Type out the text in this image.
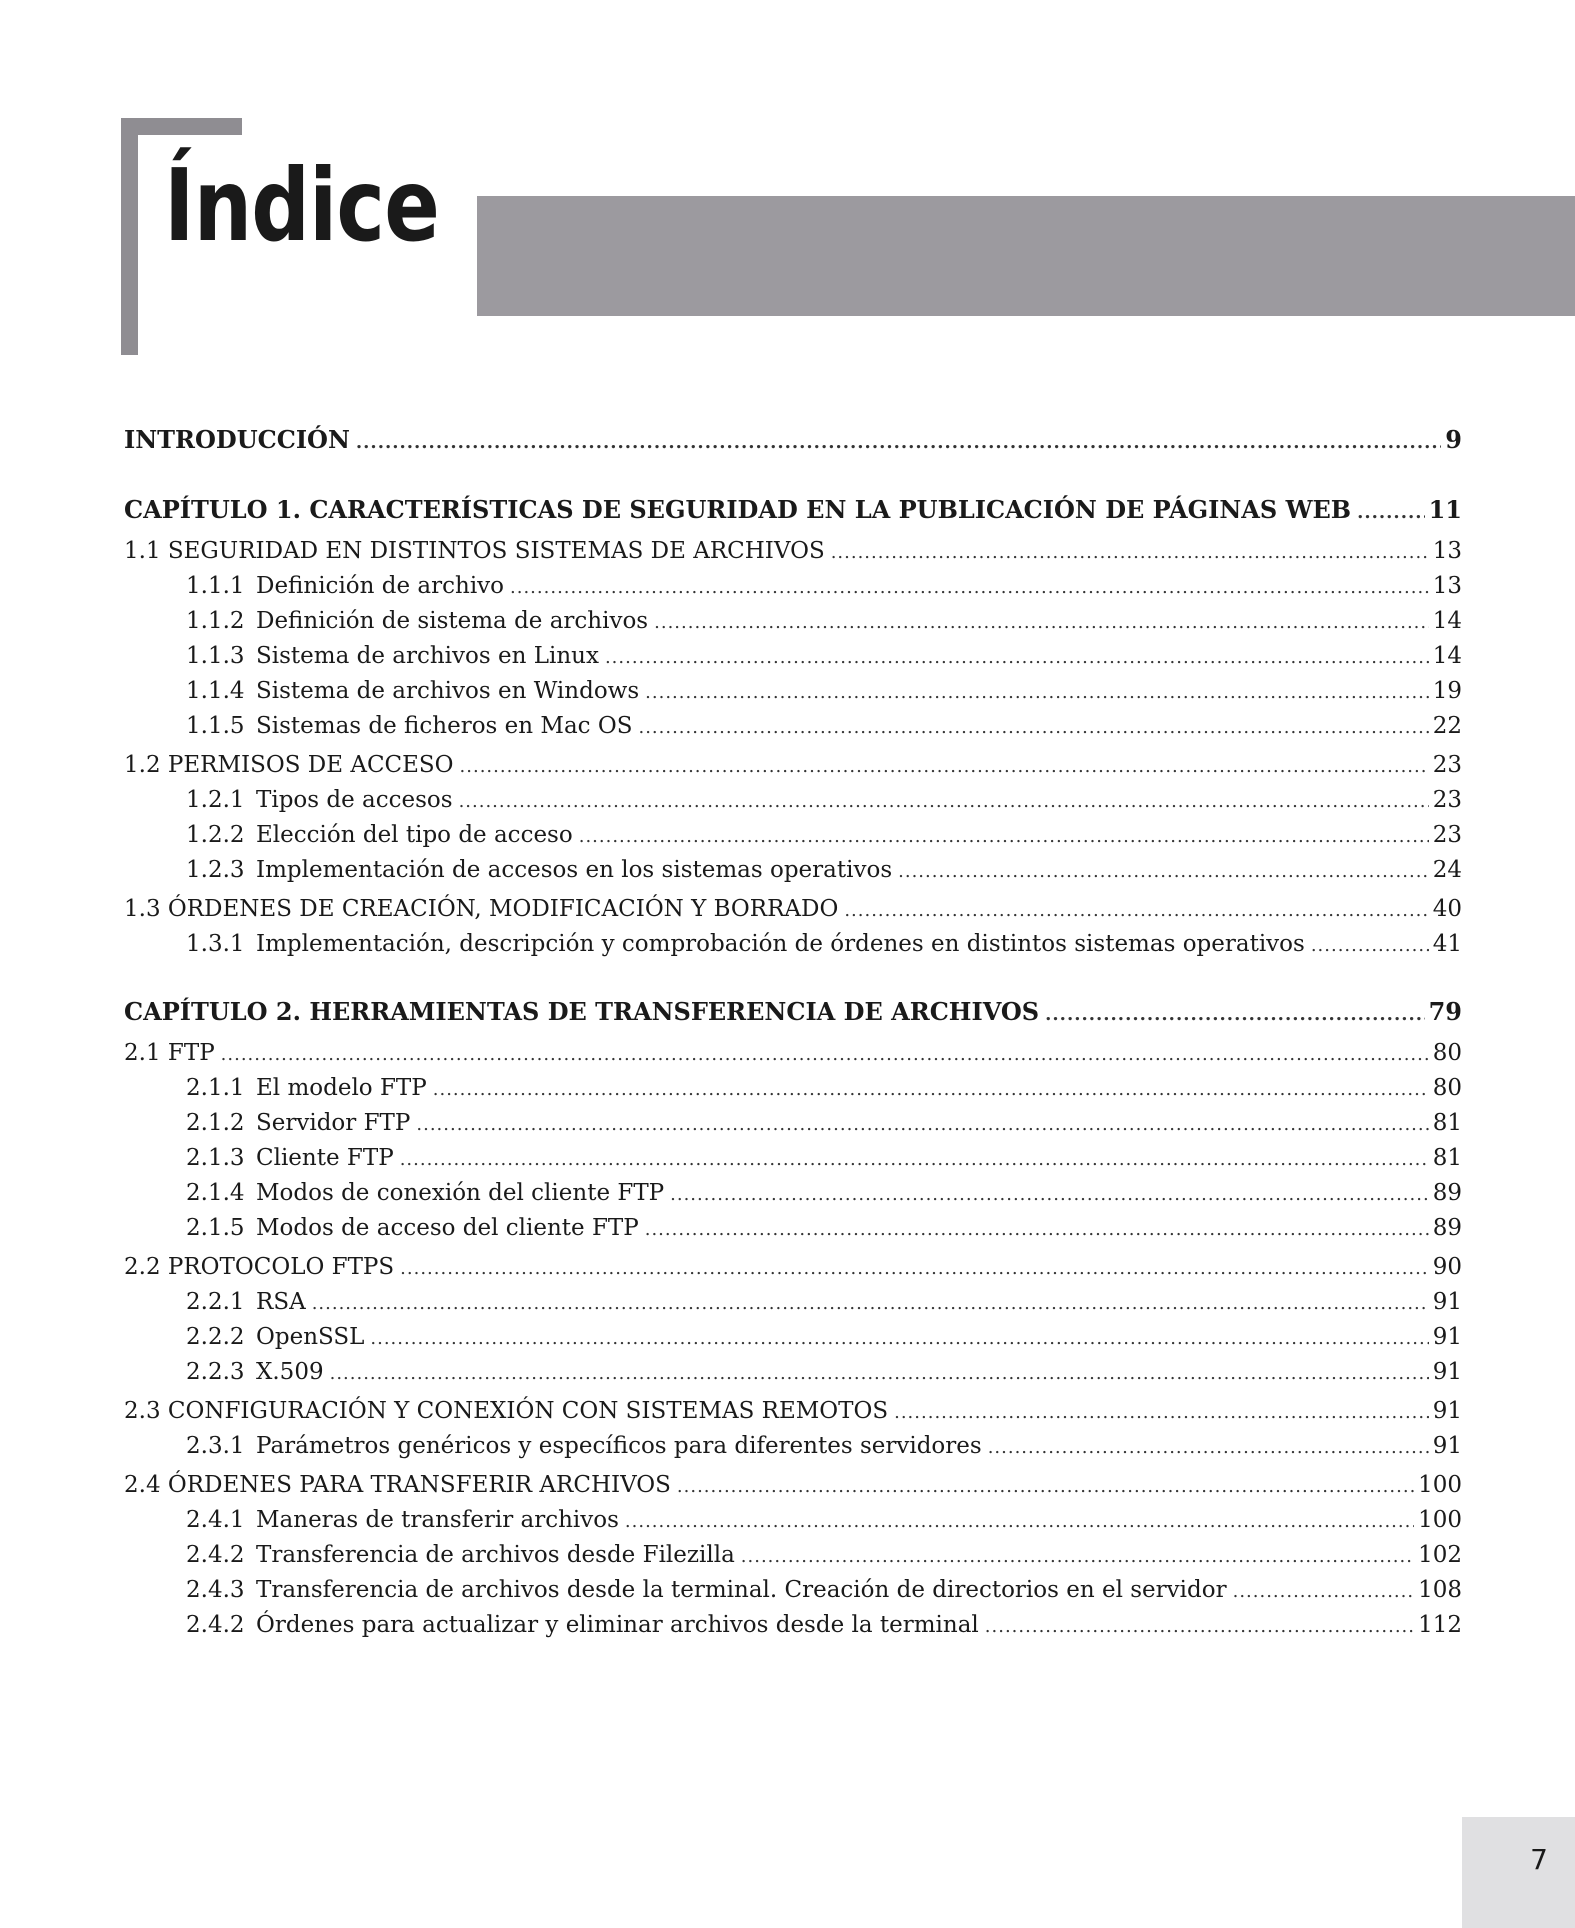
Índice
INTRODUCCIÓN .....	9
CAPÍTULO 1. CARACTERÍSTICAS DE SEGURIDAD EN LA PUBLICACIÓN DE PÁGINAS WEB .....	11
1.1 SEGURIDAD EN DISTINTOS SISTEMAS DE ARCHIVOS .....	13
1.1.1 Definición de archivo .....	13
1.1.2 Definición de sistema de archivos .....	14
1.1.3 Sistema de archivos en Linux .....	14
1.1.4 Sistema de archivos en Windows .....	19
1.1.5 Sistemas de ficheros en Mac OS .....	22
1.2 PERMISOS DE ACCESO .....	23
1.2.1 Tipos de accesos .....	23
1.2.2 Elección del tipo de acceso .....	23
1.2.3 Implementación de accesos en los sistemas operativos .....	24
1.3 ÓRDENES DE CREACIÓN, MODIFICACIÓN Y BORRADO .....	40
1.3.1 Implementación, descripción y comprobación de órdenes en distintos sistemas operativos .....	41
CAPÍTULO 2. HERRAMIENTAS DE TRANSFERENCIA DE ARCHIVOS .....	79
2.1 FTP .....	80
2.1.1 El modelo FTP .....	80
2.1.2 Servidor FTP .....	81
2.1.3 Cliente FTP .....	81
2.1.4 Modos de conexión del cliente FTP .....	89
2.1.5 Modos de acceso del cliente FTP .....	89
2.2 PROTOCOLO FTPS .....	90
2.2.1 RSA .....	91
2.2.2 OpenSSL .....	91
2.2.3 X.509 .....	91
2.3 CONFIGURACIÓN Y CONEXIÓN CON SISTEMAS REMOTOS .....	91
2.3.1 Parámetros genéricos y específicos para diferentes servidores .....	91
2.4 ÓRDENES PARA TRANSFERIR ARCHIVOS .....	100
2.4.1 Maneras de transferir archivos .....	100
2.4.2 Transferencia de archivos desde Filezilla .....	102
2.4.3 Transferencia de archivos desde la terminal. Creación de directorios en el servidor .....	108
2.4.2 Órdenes para actualizar y eliminar archivos desde la terminal .....	112
7
